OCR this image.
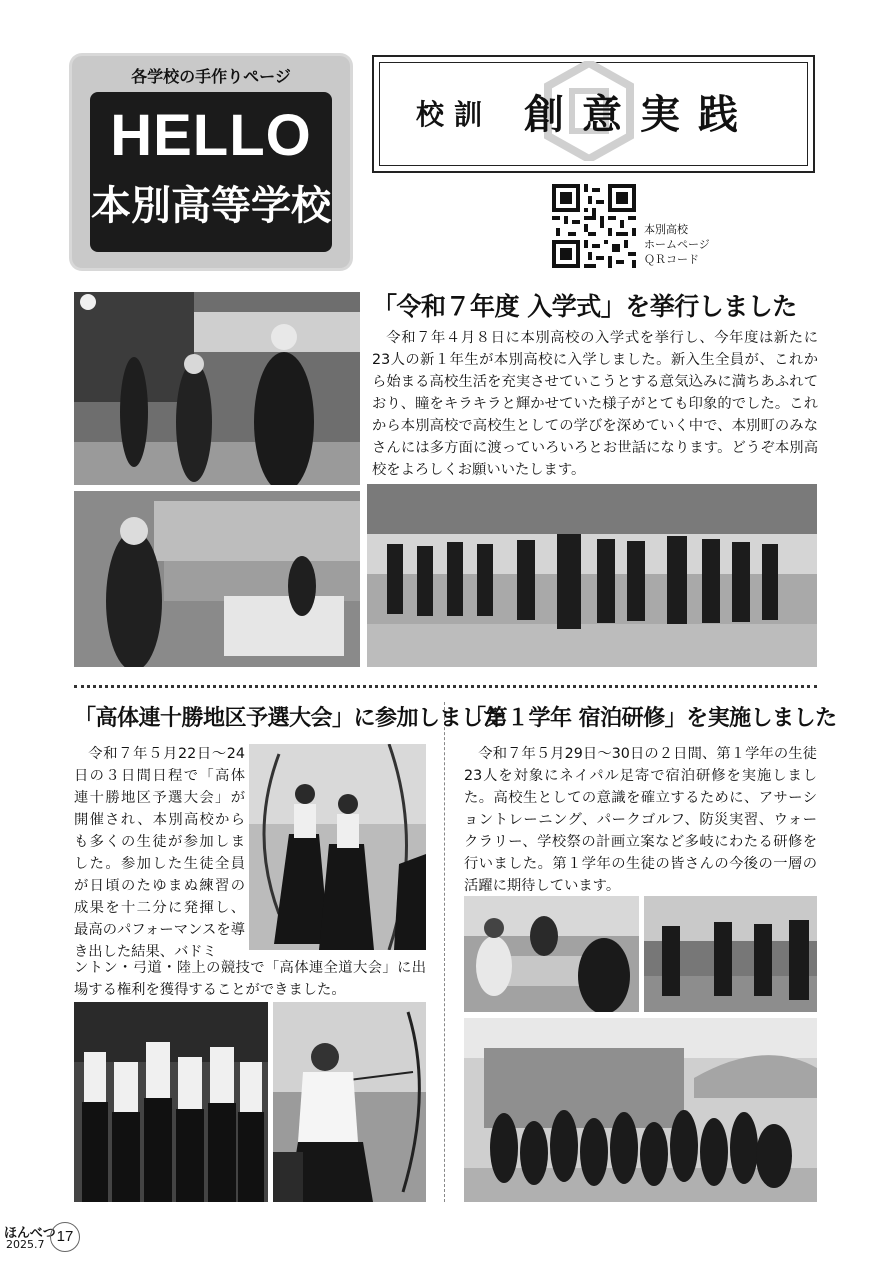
各学校の手作りページ
HELLO
本別高等学校
校訓 創意実践
本別高校
ホームページ
ＱＲコード
「令和７年度 入学式」を挙行しました
令和７年４月８日に本別高校の入学式を挙行し、今年度は新たに23人の新１年生が本別高校に入学しました。新入生全員が、これから始まる高校生活を充実させていこうとする意気込みに満ちあふれており、瞳をキラキラと輝かせていた様子がとても印象的でした。これから本別高校で高校生としての学びを深めていく中で、本別町のみなさんには多方面に渡っていろいろとお世話になります。どうぞ本別高校をよろしくお願いいたします。
「高体連十勝地区予選大会」に参加しました
令和７年５月22日～24日の３日間日程で「高体連十勝地区予選大会」が開催され、本別高校からも多くの生徒が参加しました。参加した生徒全員が日頃のたゆまぬ練習の成果を十二分に発揮し、最高のパフォーマンスを導き出した結果、バドミ
ントン・弓道・陸上の競技で「高体連全道大会」に出場する権利を獲得することができました。
「第１学年 宿泊研修」を実施しました
令和７年５月29日～30日の２日間、第１学年の生徒23人を対象にネイパル足寄で宿泊研修を実施しました。高校生としての意識を確立するために、アサーショントレーニング、パークゴルフ、防災実習、ウォークラリー、学校祭の計画立案など多岐にわたる研修を行いました。第１学年の生徒の皆さんの今後の一層の活躍に期待しています。
ほんべつ
2025.7 17
